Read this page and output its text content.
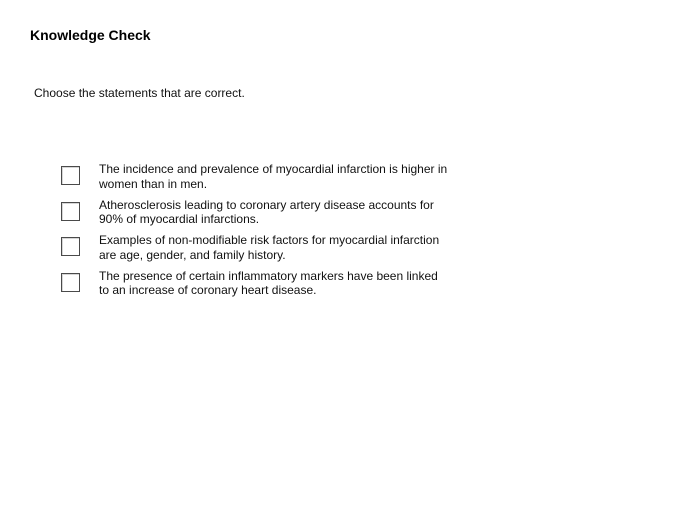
Knowledge Check
Choose the statements that are correct.
The incidence and prevalence of myocardial infarction is higher in women than in men.
Atherosclerosis leading to coronary artery disease accounts for 90% of myocardial infarctions.
Examples of non-modifiable risk factors for myocardial infarction are age, gender, and family history.
The presence of certain inflammatory markers have been linked to an increase of coronary heart disease.
